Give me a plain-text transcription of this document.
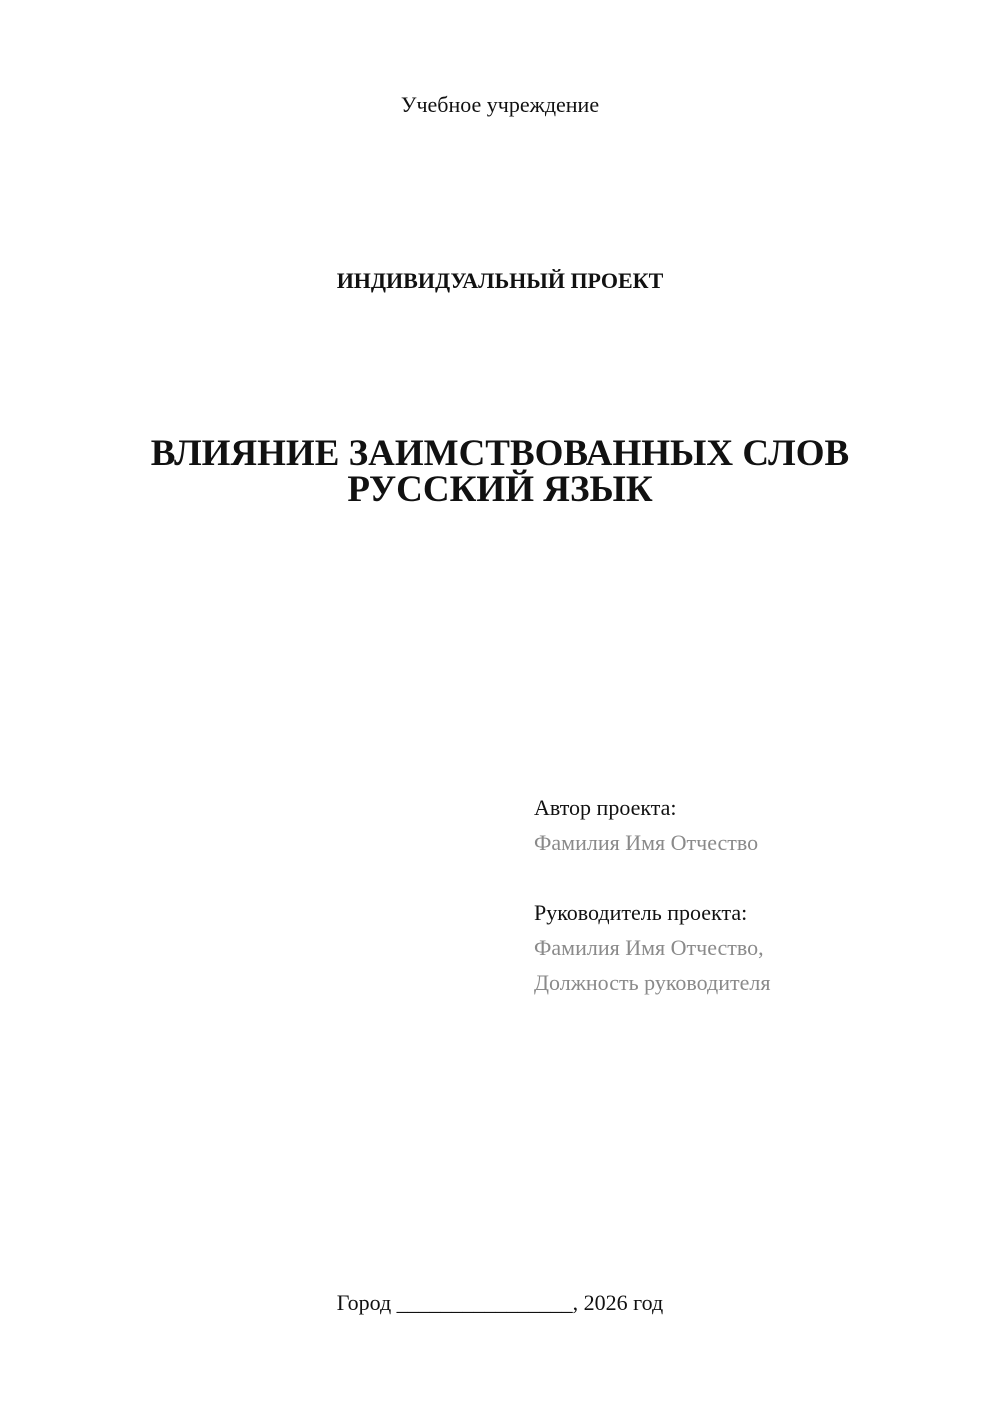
Учебное учреждение
ИНДИВИДУАЛЬНЫЙ ПРОЕКТ
ВЛИЯНИЕ ЗАИМСТВОВАННЫХ СЛОВ
РУССКИЙ ЯЗЫК
Автор проекта:
Фамилия Имя Отчество
Руководитель проекта:
Фамилия Имя Отчество,
Должность руководителя
Город ________________, 2026 год
